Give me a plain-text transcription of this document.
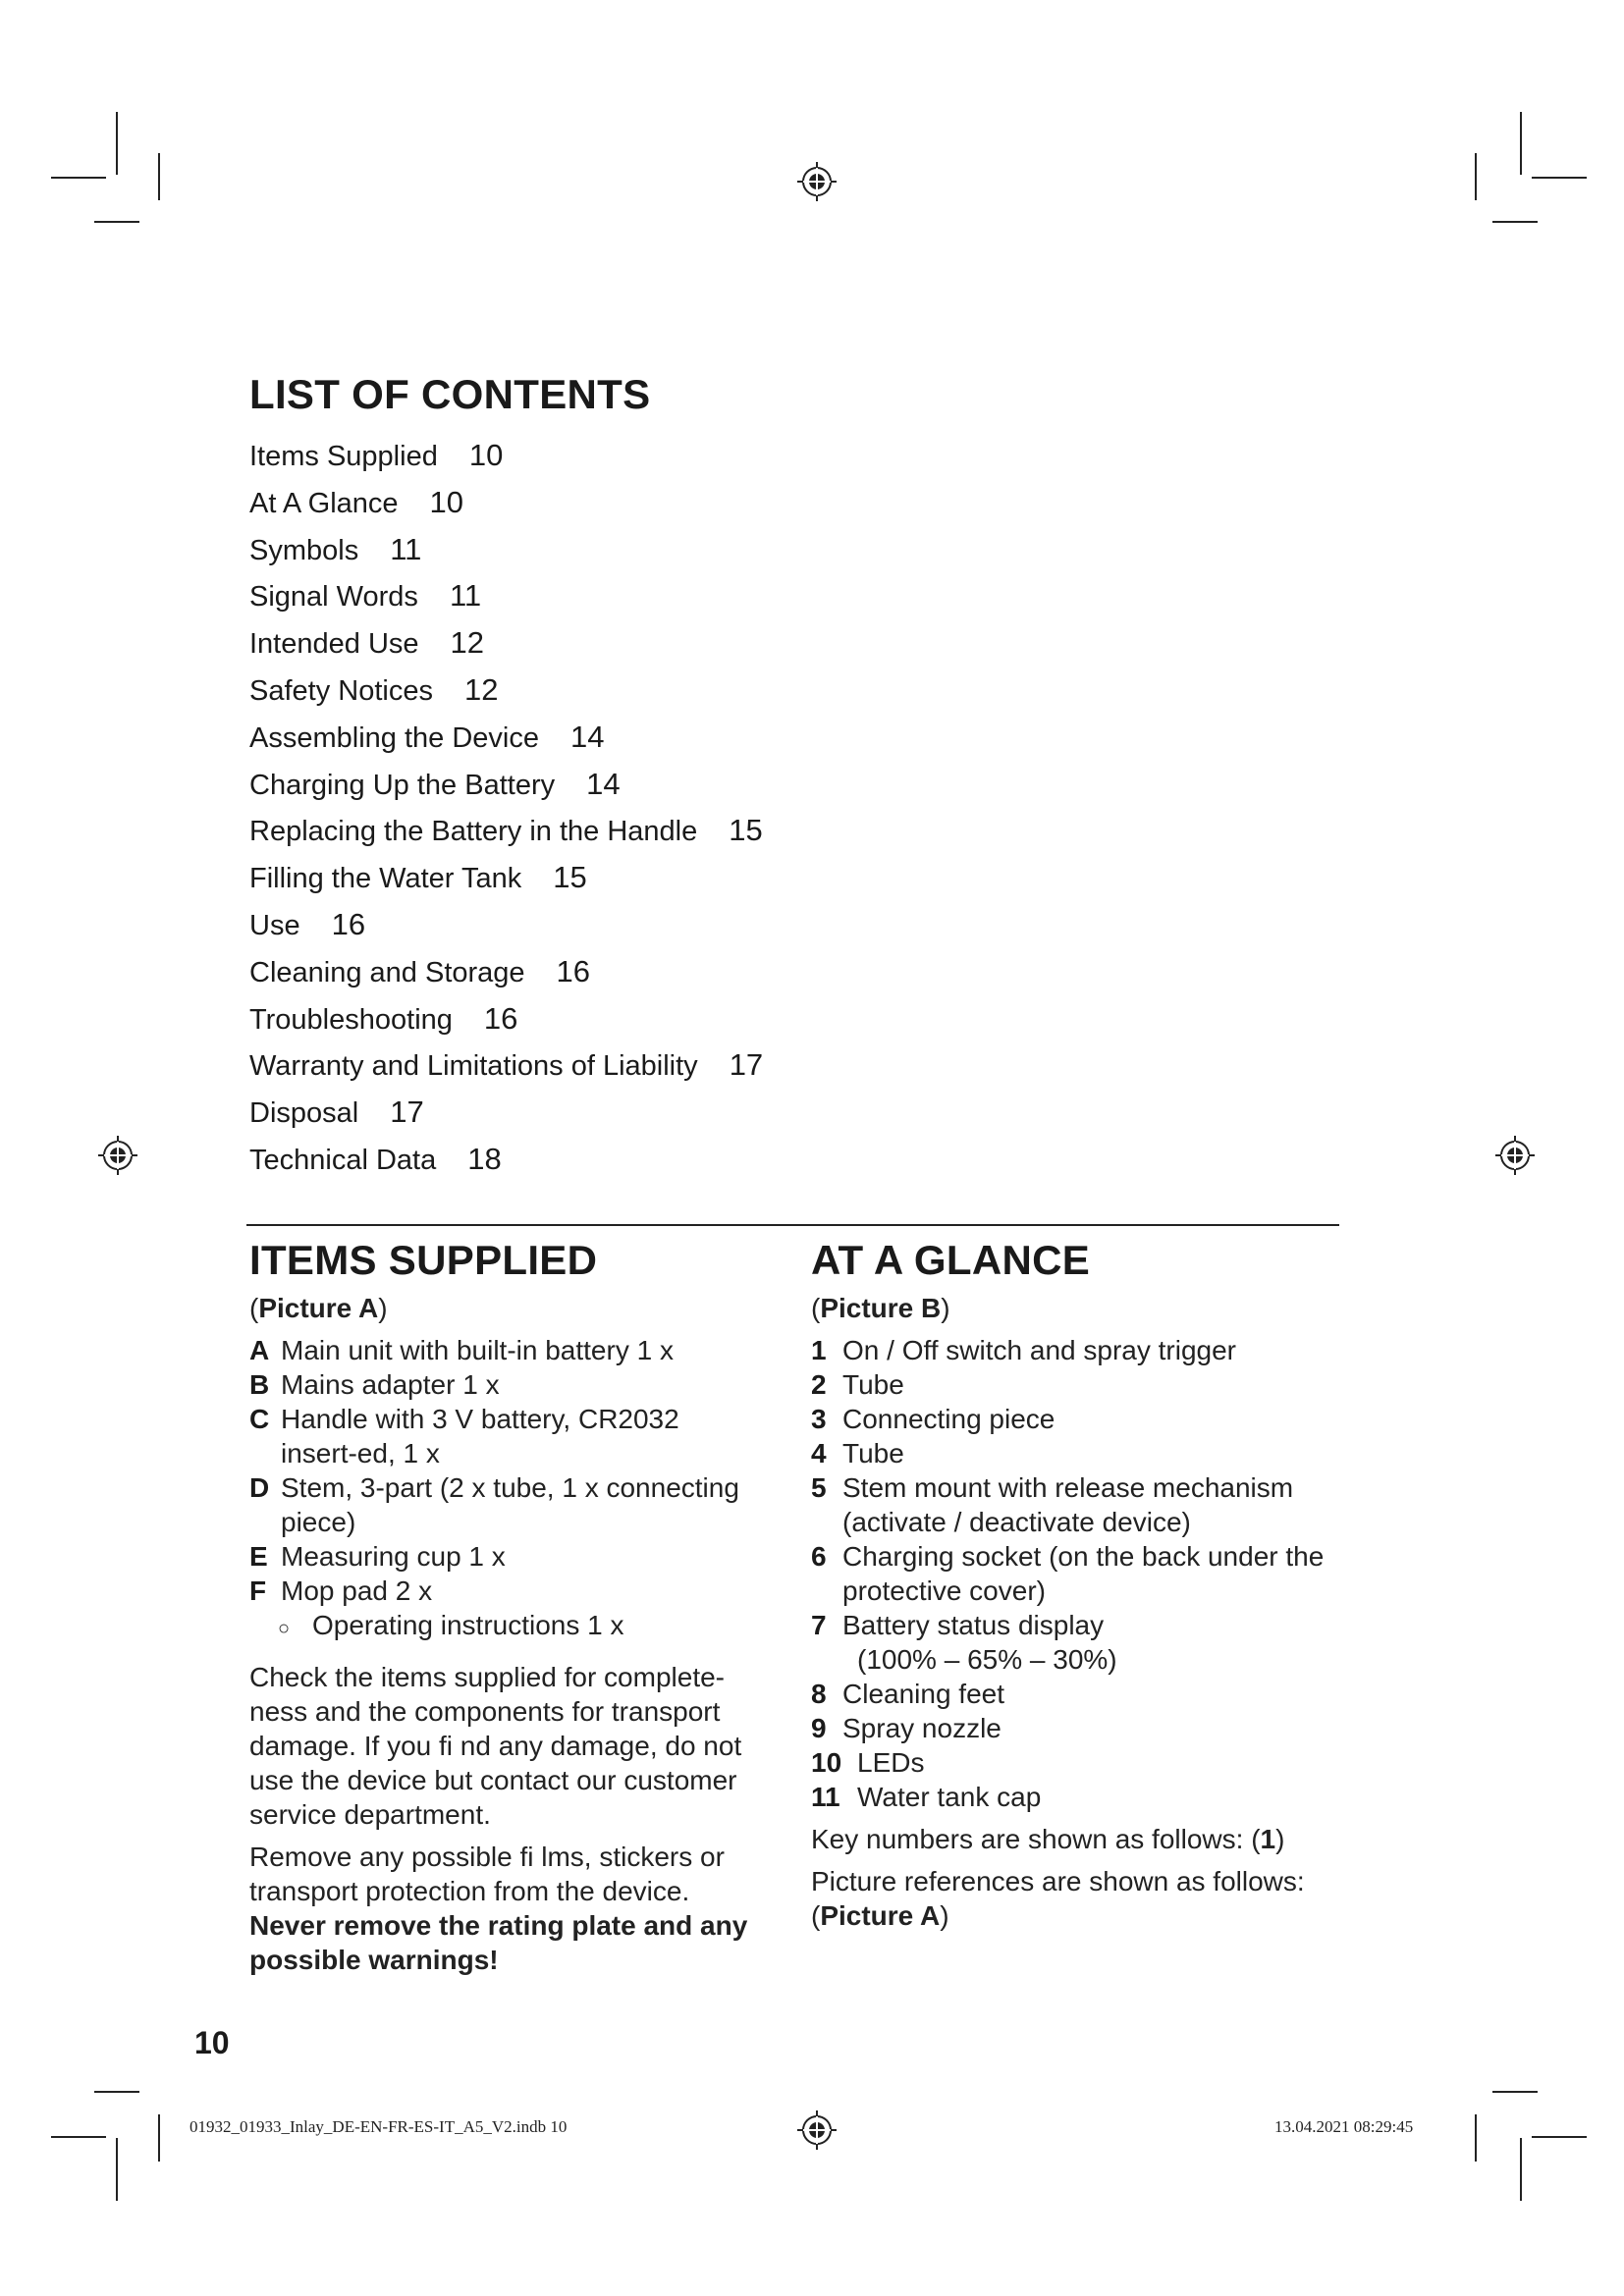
LIST OF CONTENTS
Items Supplied 10
At A Glance 10
Symbols 11
Signal Words 11
Intended Use 12
Safety Notices 12
Assembling the Device 14
Charging Up the Battery 14
Replacing the Battery in the Handle 15
Filling the Water Tank 15
Use 16
Cleaning and Storage 16
Troubleshooting 16
Warranty and Limitations of Liability 17
Disposal 17
Technical Data 18
ITEMS SUPPLIED

(Picture A)

A Main unit with built-in battery 1 x
B Mains adapter 1 x
C Handle with 3 V battery, CR2032 insert-ed, 1 x
D Stem, 3-part (2 x tube, 1 x connecting piece)
E Measuring cup 1 x
F Mop pad 2 x
○ Operating instructions 1 x

Check the items supplied for complete-ness and the components for transport damage. If you fi nd any damage, do not use the device but contact our customer service department.

Remove any possible fi lms, stickers or transport protection from the device.

Never remove the rating plate and any possible warnings!

AT A GLANCE

(Picture B)

1 On / Off switch and spray trigger
2 Tube
3 Connecting piece
4 Tube
5 Stem mount with release mechanism (activate / deactivate device)
6 Charging socket (on the back under the protective cover)
7 Battery status display
(100% – 65% – 30%)
8 Cleaning feet
9 Spray nozzle
10 LEDs
11 Water tank cap

Key numbers are shown as follows: (1)

Picture references are shown as follows:
(Picture A)

10
01932_01933_Inlay_DE-EN-FR-ES-IT_A5_V2.indb 10	13.04.2021 08:29:45
